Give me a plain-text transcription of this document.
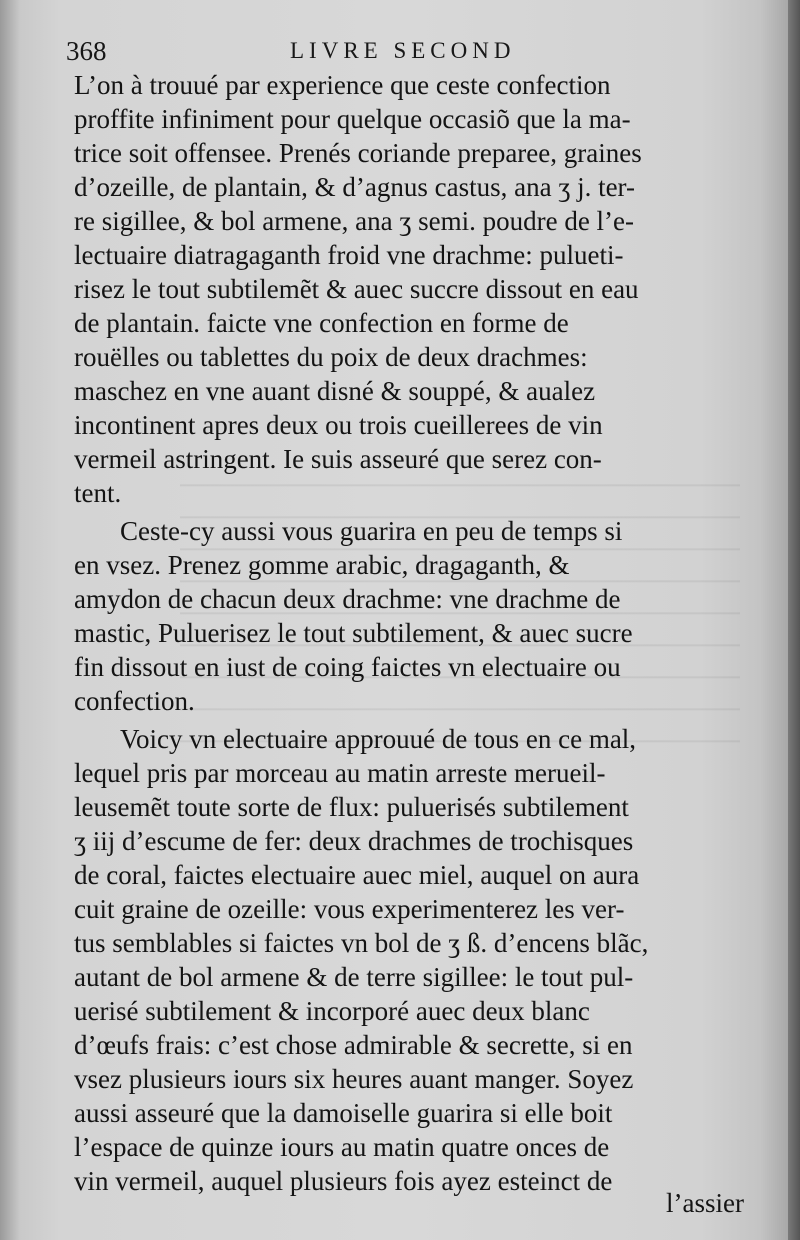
368	LIVRE SECOND
L’on à trouué par experience que ceste confection
proffite infiniment pour quelque occasiõ que la ma-
trice soit offensee. Prenés coriande preparee, graines
d’ozeille, de plantain, & d’agnus castus, ana ʒ j. ter-
re sigillee, & bol armene, ana ʒ semi. poudre de l’e-
lectuaire diatragaganth froid vne drachme: pulueti-
risez le tout subtilemẽt & auec succre dissout en eau
de plantain. faicte vne confection en forme de
rouëlles ou tablettes du poix de deux drachmes:
maschez en vne auant disné & souppé, & aualez
incontinent apres deux ou trois cueillerees de vin
vermeil astringent. Ie suis asseuré que serez con-
tent.
Ceste-cy aussi vous guarira en peu de temps si
en vsez. Prenez gomme arabic, dragaganth, &
amydon de chacun deux drachme: vne drachme de
mastic, Puluerisez le tout subtilement, & auec sucre
fin dissout en iust de coing faictes vn electuaire ou
confection.
Voicy vn electuaire approuué de tous en ce mal,
lequel pris par morceau au matin arreste merueil-
leusemẽt toute sorte de flux: puluerisés subtilement
ʒ iij d’escume de fer: deux drachmes de trochisques
de coral, faictes electuaire auec miel, auquel on aura
cuit graine de ozeille: vous experimenterez les ver-
tus semblables si faictes vn bol de ʒ ß. d’encens blãc,
autant de bol armene & de terre sigillee: le tout pul-
uerisé subtilement & incorporé auec deux blanc
d’œufs frais: c’est chose admirable & secrette, si en
vsez plusieurs iours six heures auant manger. Soyez
aussi asseuré que la damoiselle guarira si elle boit
l’espace de quinze iours au matin quatre onces de
vin vermeil, auquel plusieurs fois ayez esteinct de
l’assier
